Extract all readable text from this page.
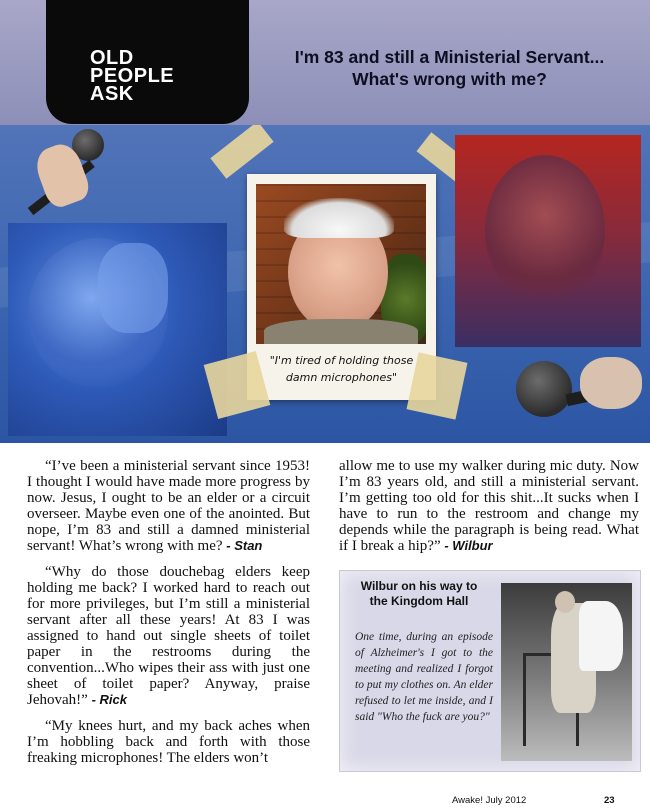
OLD
PEOPLE
ASK
I'm 83 and still a Ministerial Servant...
What's wrong with me?
"I'm tired of holding those
damn microphones"

“I’ve been a ministerial servant since 1953! I thought I would have made more progress by now. Jesus, I ought to be an elder or a circuit overseer. Maybe even one of the anointed. But nope, I’m 83 and still a damned ministerial servant! What’s wrong with me? - Stan

“Why do those douchebag elders keep holding me back? I worked hard to reach out for more privileges, but I’m still a ministerial servant after all these years! At 83 I was assigned to hand out single sheets of toilet paper in the restrooms during the convention...Who wipes their ass with just one sheet of toilet paper? Anyway, praise Jehovah!” - Rick

“My knees hurt, and my back aches when I’m hobbling back and forth with those freaking microphones! The elders won’t

allow me to use my walker during mic duty. Now I’m 83 years old, and still a ministerial servant. I’m getting too old for this shit...It sucks when I have to run to the restroom and change my depends while the paragraph is being read. What if I break a hip?” - Wilbur

Wilbur on his way to
the Kingdom Hall
One time, during an episode of Alzheimer's I got to the meeting and realized I forgot to put my clothes on. An elder refused to let me inside, and I said "Who the fuck are you?"
Awake! July 2012	23
